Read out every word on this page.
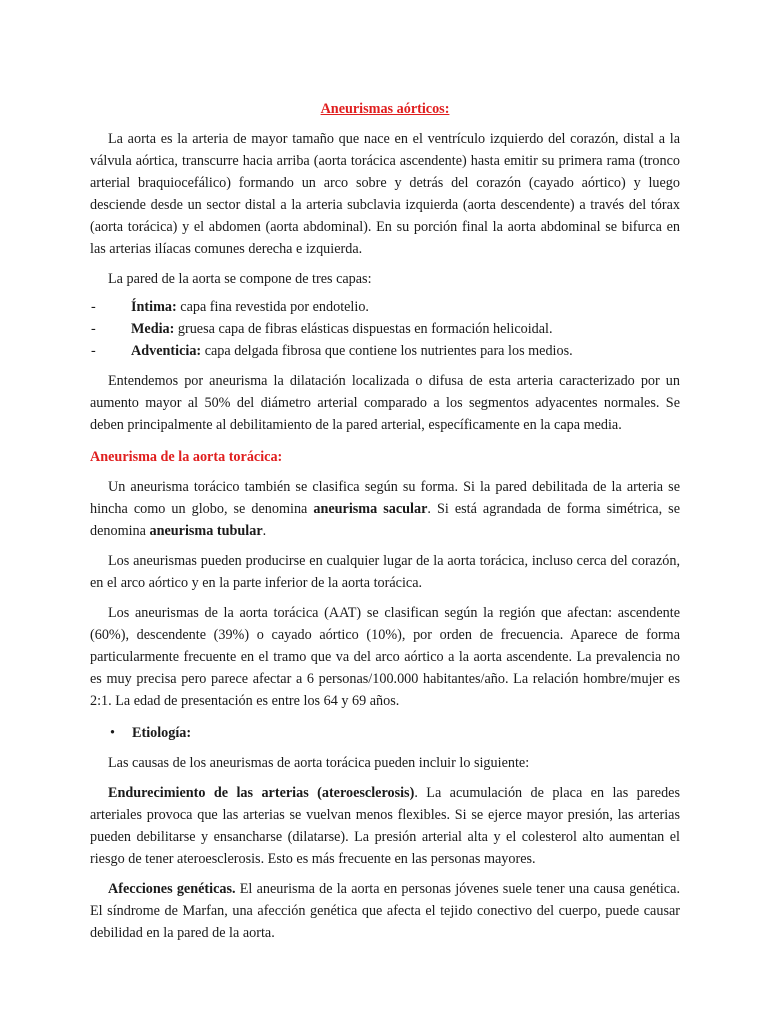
Aneurismas aórticos:

La aorta es la arteria de mayor tamaño que nace en el ventrículo izquierdo del corazón, distal a la válvula aórtica, transcurre hacia arriba (aorta torácica ascendente) hasta emitir su primera rama (tronco arterial braquiocefálico) formando un arco sobre y detrás del corazón (cayado aórtico) y luego desciende desde un sector distal a la arteria subclavia izquierda (aorta descendente) a través del tórax (aorta torácica) y el abdomen (aorta abdominal). En su porción final la aorta abdominal se bifurca en las arterias ilíacas comunes derecha e izquierda.

La pared de la aorta se compone de tres capas:

- Íntima: capa fina revestida por endotelio.
- Media: gruesa capa de fibras elásticas dispuestas en formación helicoidal.
- Adventicia: capa delgada fibrosa que contiene los nutrientes para los medios.

Entendemos por aneurisma la dilatación localizada o difusa de esta arteria caracterizado por un aumento mayor al 50% del diámetro arterial comparado a los segmentos adyacentes normales. Se deben principalmente al debilitamiento de la pared arterial, específicamente en la capa media.

Aneurisma de la aorta torácica:

Un aneurisma torácico también se clasifica según su forma. Si la pared debilitada de la arteria se hincha como un globo, se denomina aneurisma sacular. Si está agrandada de forma simétrica, se denomina aneurisma tubular.

Los aneurismas pueden producirse en cualquier lugar de la aorta torácica, incluso cerca del corazón, en el arco aórtico y en la parte inferior de la aorta torácica.

Los aneurismas de la aorta torácica (AAT) se clasifican según la región que afectan: ascendente (60%), descendente (39%) o cayado aórtico (10%), por orden de frecuencia. Aparece de forma particularmente frecuente en el tramo que va del arco aórtico a la aorta ascendente. La prevalencia no es muy precisa pero parece afectar a 6 personas/100.000 habitantes/año. La relación hombre/mujer es 2:1. La edad de presentación es entre los 64 y 69 años.

• Etiología:

Las causas de los aneurismas de aorta torácica pueden incluir lo siguiente:

Endurecimiento de las arterias (ateroesclerosis). La acumulación de placa en las paredes arteriales provoca que las arterias se vuelvan menos flexibles. Si se ejerce mayor presión, las arterias pueden debilitarse y ensancharse (dilatarse). La presión arterial alta y el colesterol alto aumentan el riesgo de tener ateroesclerosis. Esto es más frecuente en las personas mayores.

Afecciones genéticas. El aneurisma de la aorta en personas jóvenes suele tener una causa genética. El síndrome de Marfan, una afección genética que afecta el tejido conectivo del cuerpo, puede causar debilidad en la pared de la aorta.
